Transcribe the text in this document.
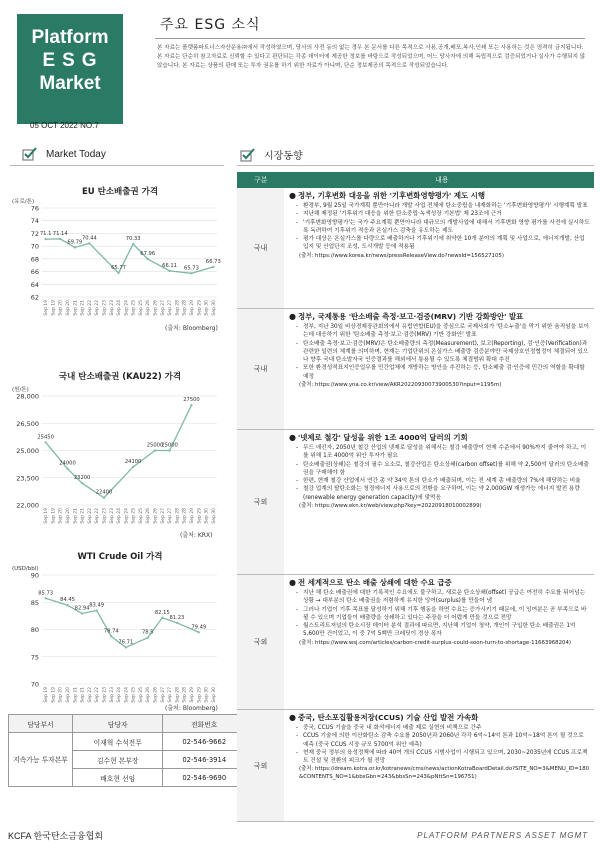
Platform
ESG
Market
05 OCT 2022 NO.7
주요 ESG 소식
본 자료는 플랫폼파트너스자산운용㈜에서 작성하였으며, 당사의 사전 동의 없는 경우 본 문서를 다른 목적으로 사용,공개,배포,복사,인쇄 또는 사용하는 것은 엄격히 금지됩니다. 본 자료는 단순히 참고자료로 신뢰할 수 있다고 판단되는 각종 데이터에 제공한 정보를 바탕으로 작성되었으며, 어느 당사자에 의해 독립적으로 검증되었거나 실사가 수행되지 않았습니다. 본 자료는 상품의 판매 또는 투자 권유를 하기 위한 자료가 아니며, 단순 정보제공의 목적으로 작성되었습니다.
Market Today	시장동향
EU 탄소배출권 가격
(유로/톤)
62
64
66
68
70
72
74
76
Sep 19 Sep 19 Sep 20 Sep 20 Sep 21 Sep 21 Sep 22 Sep 22 Sep 23 Sep 23 Sep 24 Sep 24 Sep 25 Sep 25 Sep 26 Sep 26 Sep 27 Sep 27 Sep 28 Sep 28 Sep 29 Sep 29 Sep 30 Sep 30
71.1 71.14
69.79
70.44
65.77
70.33
67.96
66.11 65.73
66.73
(출처: Bloomberg)
국내 탄소배출권 (KAU22) 가격
(원/톤)
22,000
23,500
25,000
26,500
28,000
Sep 19 Sep 19 Sep 20 Sep 20 Sep 21 Sep 21 Sep 22 Sep 22 Sep 23 Sep 23 Sep 24 Sep 24 Sep 25 Sep 25 Sep 26 Sep 26 Sep 27 Sep 27 Sep 28 Sep 28 Sep 29 Sep 29 Sep 30 Sep 30
25450
24000
23200
22400
24100
25000
25000
27500
(출처: KRX)
WTI Crude Oil 가격
(USD/bbl)
70
75
80
85
90
Sep 19 Sep 19 Sep 20 Sep 20 Sep 21 Sep 21 Sep 22 Sep 22 Sep 23 Sep 23 Sep 24 Sep 24 Sep 25 Sep 25 Sep 26 Sep 26 Sep 27 Sep 27 Sep 28 Sep 28 Sep 29 Sep 29 Sep 30 Sep 30
85.73
84.45
82.94 83.49
78.74
76.71
78.5
82.15
81.23
79.49
(출처: Bloomberg)
담당부서	담당자	전화번호
지속가능 투자본부	이재혁 수석전무	02-546-9662
	김수현 본부장	02-546-3914
	배호현 선임	02-546-9690
KCFA 한국탄소금융협회	PLATFORM PARTNERS ASSET MGMT
구분	내용
국내
● 정부, 기후변화 대응을 위한 '기후변화영향평가' 제도 시행
- 환경부, 9월 25일 국가계획 뿐만아니라 개발 사업 전체에 탄소중립을 내재화하는 '기후변화영향평가' 시행계획 발표
- 지난해 제정된 '기후위기 대응을 위한 탄소중립·녹색성장 기본법' 제 23조에 근거
- '기후변화영향평가'는 국가 주요계획 뿐만아니라 대규모의 개발사업에 대해서 기후변화 영향 평가를 사전에 실시하도록 독려하여 기후위기 적응과 온실가스 감축을 유도하는 제도
- 평가 대상은 온실가스를 다량으로 배출하거나 기후위기에 취약한 10개 분야의 계획 및 사업으로, 에너지개발, 산업입지 및 산업단지 조성, 도시개발 등에 적용됨
(출처: https://www.korea.kr/news/pressReleaseView.do?newsId=156527105)
국내
● 정부, 국제통용 '탄소배출 측정·보고·검증(MRV) 기반 강화방안' 발표
- 정부, 지난 30일 비상경제장관회의에서 유럽연합(EU)을 중심으로 국제사회가 '탄소누출'을 막기 위한 움직임을 보이는데 대응하기 위한 '탄소배출 측정·보고·검증(MRV) 기반 강화안' 발표
- 탄소배출 측정·보고·검증(MRV)은 탄소배출량의 측정(Measurement), 보고(Reporting), 검·인증(Verification)과 관련한 일련의 체계를 의미하며, 현재는 기업단위의 온실가스 배출량 검증분야만 국제상호인정협정이 체결되어 있으나 향후 국내 탄소발자국 인증결과를 해외에서 통용될 수 있도록 체결범위 확대 추진
- 또한 환경성적표지인증업무를 민간업체에 개방하는 방안을 추진하는 등, 탄소배출 검·인증에 민간의 역할을 확대할 예정
(출처: https://www.yna.co.kr/view/AKR20220930073900530?input=1195m)
국외
● '넷제로 철강' 달성을 위한 1조 4000억 달러의 기회
- 무드 애킨자, 2050년 철강 산업의 넷제로 달성을 위해서는 철강 배출량이 현재 수준에서 90%까지 줄여야 하고, 이를 위해 1조 4000억 위안 투자가 필요
- 탄소배출권(상쇄)은 철강의 필수 요소로, 철강산업은 탄소상쇄(carbon offset)를 위해 약 2,500억 달러의 탄소배출권을 구매해야 함
- 한편, 현재 철강 산업에서 연간 총 약 34억 톤의 탄소가 배출되며, 이는 전 세계 총 배출량의 7%에 해당하는 비율
- 철강 업계의 탈탄소화는 청정에너지 사용으로의 전환을 요구하며, 이는 약 2,000GW 재생가능 에너지 발전 용량(renewable energy generation capacity)에 맞먹음
(출처: https://www.ekn.kr/web/view.php?key=20220918010002899)
국외
● 전 세계적으로 탄소 배출 상쇄에 대한 수요 급증
- 지난 해 탄소 배출권에 대한 기록적인 수요에도 불구하고, 새로운 탄소상쇄(offset) 공급은 여전히 수요를 뒤어넘는 상황 → 대부분의 탄소 배출권을 저렴하게 유지한 잉여(surplus)를 만들어 냄
- 그러나 기업이 기후 목표를 달성하기 위해 기후 행동을 하면 수요는 증가시키기 때문에, 이 잉여분은 곧 부족으로 바뀔 수 있으며 기업들이 배출량을 상쇄하고 있다는 주장을 더 어렵게 만들 것으로 전망
- 월스트리트저널의 탄소시장 데이터 분석 결과에 따르면, 지난해 기업이 청약, 개인이 구입한 탄소 배출권은 1억 5,600만 건이었고, 이 중 7억 5백만 크레딧이 경상 폭자
(출처: https://www.wsj.com/articles/carbon-credit-surplus-could-soon-turn-to-shortage-11663968204)
국외
● 중국, 탄소포집활용저장(CCUS) 기술 산업 발전 가속화
- 중국, CCUS 기술을 중국 내 화석에너지 배출 제로 실현의 비책으로 간주
- CCUS 기술에 의한 이산화탄소 감축 수요를 2050년과 2060년 각각 6억~14억 톤과 10억~18억 톤이 될 것으로 예측 (중국 CCUS 시장 규모 5700억 위안 예측)
- 현재 중국 정부의 육성정책에 따라 40여 개의 CCUS 시범사업이 시행되고 있으며, 2030~2035년에 CCUS 프로젝트 건설 및 전환의 피크가 될 전망
(출처: https://dream.kotra.or.kr/kotranews/cms/news/actionKotraBoardDetail.do?SITE_NO=3&MENU_ID=180&CONTENTS_NO=1&bbsGbn=243&bbsSn=243&pNttSn=196751)
